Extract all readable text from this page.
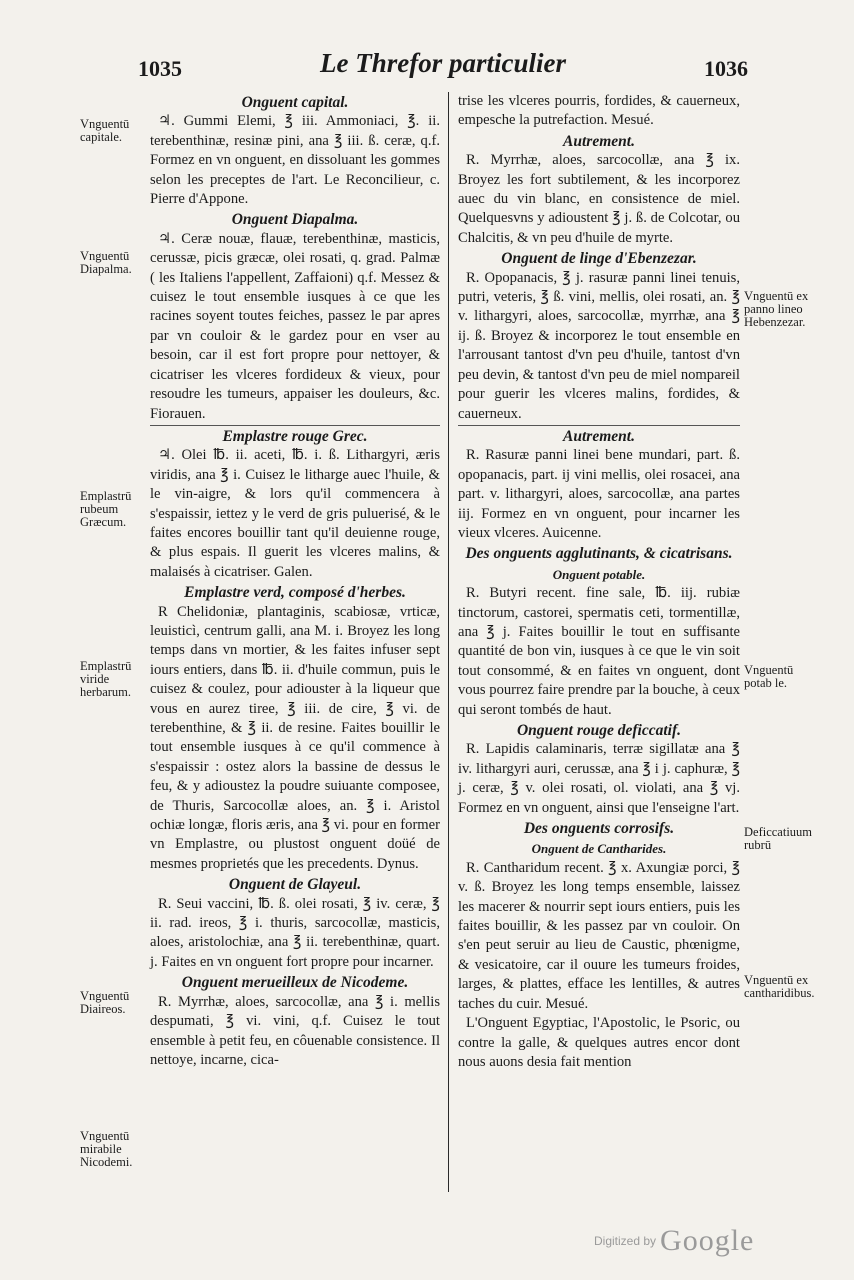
1035	Le Threfor particulier	1036
Vnguentū capitale.
Vnguentū Diapalma.
Emplastrū rubeum Græcum.
Emplastrū viride herbarum.
Vnguentū Diaireos.
Vnguentū mirabile Nicodemi.
Vnguentū ex panno lineo Hebenzezar.
Vnguentū potab le.
Deficcatiuum rubrū
Vnguentū ex cantharidibus.
Onguent capital.

♃. Gummi Elemi, ℥ iii. Ammoniaci, ℥. ii. terebenthinæ, resinæ pini, ana ℥ iii. ß. ceræ, q.f. Formez en vn onguent, en dissoluant les gommes selon les preceptes de l'art. Le Reconcilieur, c. Pierre d'Appone.

Onguent Diapalma.

♃. Ceræ nouæ, flauæ, terebenthinæ, masticis, cerussæ, picis græcæ, olei rosati, q. grad. Palmæ ( les Italiens l'appellent, Zaffaioni) q.f. Messez & cuisez le tout ensemble iusques à ce que les racines soyent toutes feiches, passez le par apres par vn couloir & le gardez pour en vser au besoin, car il est fort propre pour nettoyer, & cicatriser les vlceres fordideux & vieux, pour resoudre les tumeurs, appaiser les douleurs, &c. Fiorauen.

Emplastre rouge Grec.

♃. Olei ℔. ii. aceti, ℔. i. ß. Lithargyri, æris viridis, ana ℥ i. Cuisez le litharge auec l'huile, & le vin-aigre, & lors qu'il commencera à s'espaissir, iettez y le verd de gris puluerisé, & le faites encores bouillir tant qu'il deuienne rouge, & plus espais. Il guerit les vlceres malins, & malaisés à cicatriser. Galen.

Emplastre verd, composé d'herbes.

R Chelidoniæ, plantaginis, scabiosæ, vrticæ, leuisticì, centrum galli, ana M. i. Broyez les long temps dans vn mortier, & les faites infuser sept iours entiers, dans ℔. ii. d'huile commun, puis le cuisez & coulez, pour adiouster à la liqueur que vous en aurez tiree, ℥ iii. de cire, ℥ vi. de terebenthine, & ℥ ii. de resine. Faites bouillir le tout ensemble iusques à ce qu'il commence à s'espaissir : ostez alors la bassine de dessus le feu, & y adioustez la poudre suiuante composee, de Thuris, Sarcocollæ aloes, an. ℥ i. Aristol ochiæ longæ, floris æris, ana ℥ vi. pour en former vn Emplastre, ou plustost onguent doüé de mesmes proprietés que les precedents. Dynus.

Onguent de Glayeul.

R. Seui vaccini, ℔. ß. olei rosati, ℥ iv. ceræ, ℥ ii. rad. ireos, ℥ i. thuris, sarcocollæ, masticis, aloes, aristolochiæ, ana ℥ ii. terebenthinæ, quart. j. Faites en vn onguent fort propre pour incarner.

Onguent merueilleux de Nicodeme.

R. Myrrhæ, aloes, sarcocollæ, ana ℥ i. mellis despumati, ℥ vi. vini, q.f. Cuisez le tout ensemble à petit feu, en côuenable consistence. Il nettoye, incarne, cica-

trise les vlceres pourris, fordides, & cauerneux, empesche la putrefaction. Mesué.

Autrement.

R. Myrrhæ, aloes, sarcocollæ, ana ℥ ix. Broyez les fort subtilement, & les incorporez auec du vin blanc, en consistence de miel. Quelquesvns y adioustent ℥ j. ß. de Colcotar, ou Chalcitis, & vn peu d'huile de myrte.

Onguent de linge d'Ebenzezar.

R. Opopanacis, ℥ j. rasuræ panni linei tenuis, putri, veteris, ℥ ß. vini, mellis, olei rosati, an. ℥ v. lithargyri, aloes, sarcocollæ, myrrhæ, ana ℥ ij. ß. Broyez & incorporez le tout ensemble en l'arrousant tantost d'vn peu d'huile, tantost d'vn peu devin, & tantost d'vn peu de miel nompareil pour guerir les vlceres malins, fordides, & cauerneux.

Autrement.

R. Rasuræ panni linei bene mundari, part. ß. opopanacis, part. ij vini mellis, olei rosacei, ana part. v. lithargyri, aloes, sarcocollæ, ana partes iij. Formez en vn onguent, pour incarner les vieux vlceres. Auicenne.

Des onguents agglutinants, & cicatrisans.
Onguent potable.

R. Butyri recent. fine sale, ℔. iij. rubiæ tinctorum, castorei, spermatis ceti, tormentillæ, ana ℥ j. Faites bouillir le tout en suffisante quantité de bon vin, iusques à ce que le vin soit tout consommé, & en faites vn onguent, dont vous pourrez faire prendre par la bouche, à ceux qui seront tombés de haut.

Onguent rouge deficcatif.

R. Lapidis calaminaris, terræ sigillatæ ana ℥ iv. lithargyri auri, cerussæ, ana ℥ i j. caphuræ, ℥ j. ceræ, ℥ v. olei rosati, ol. violati, ana ℥ vj. Formez en vn onguent, ainsi que l'enseigne l'art.

Des onguents corrosifs.
Onguent de Cantharides.

R. Cantharidum recent. ℥ x. Axungiæ porci, ℥ v. ß. Broyez les long temps ensemble, laissez les macerer & nourrir sept iours entiers, puis les faites bouillir, & les passez par vn couloir. On s'en peut seruir au lieu de Caustic, phœnigme, & vesicatoire, car il ouure les tumeurs froides, larges, & plattes, efface les lentilles, & autres taches du cuir. Mesué.

L'Onguent Egyptiac, l'Apostolic, le Psoric, ou contre la galle, & quelques autres encor dont nous auons desia fait mention

Digitized by Google
